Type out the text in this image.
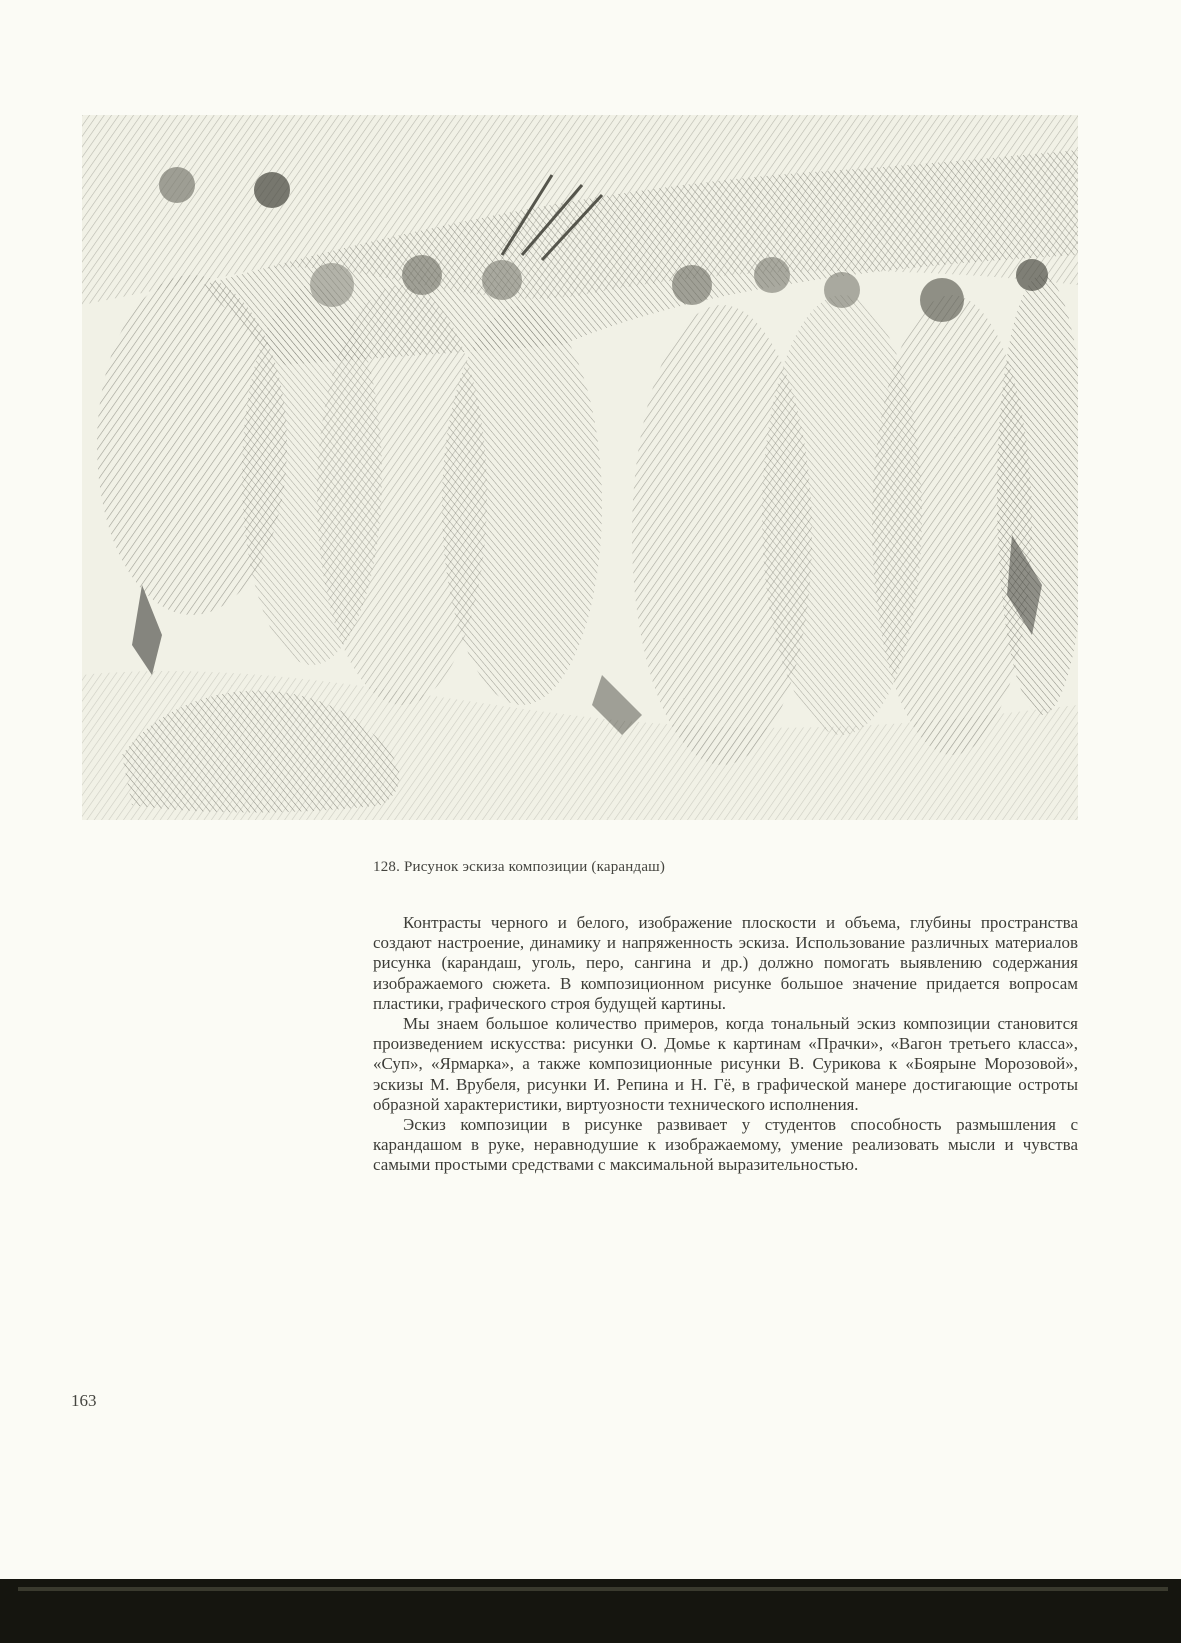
128. Рисунок эскиза композиции (карандаш)

Контрасты черного и белого, изображение плоскости и объема, глубины пространства создают настроение, динамику и напряженность эскиза. Использование различных материалов рисунка (карандаш, уголь, перо, сангина и др.) должно помогать выявлению содержания изображаемого сюжета. В композиционном рисунке большое значение придается вопросам пластики, графического строя будущей картины.

Мы знаем большое количество примеров, когда тональный эскиз композиции становится произведением искусства: рисунки О. Домье к картинам «Прачки», «Вагон третьего класса», «Суп», «Ярмарка», а также композиционные рисунки В. Сурикова к «Боярыне Морозовой», эскизы М. Врубеля, рисунки И. Репина и Н. Гё, в графической манере достигающие остроты образной характеристики, виртуозности технического исполнения.

Эскиз композиции в рисунке развивает у студентов способность размышления с карандашом в руке, неравнодушие к изображаемому, умение реализовать мысли и чувства самыми простыми средствами с максимальной выразительностью.

163
